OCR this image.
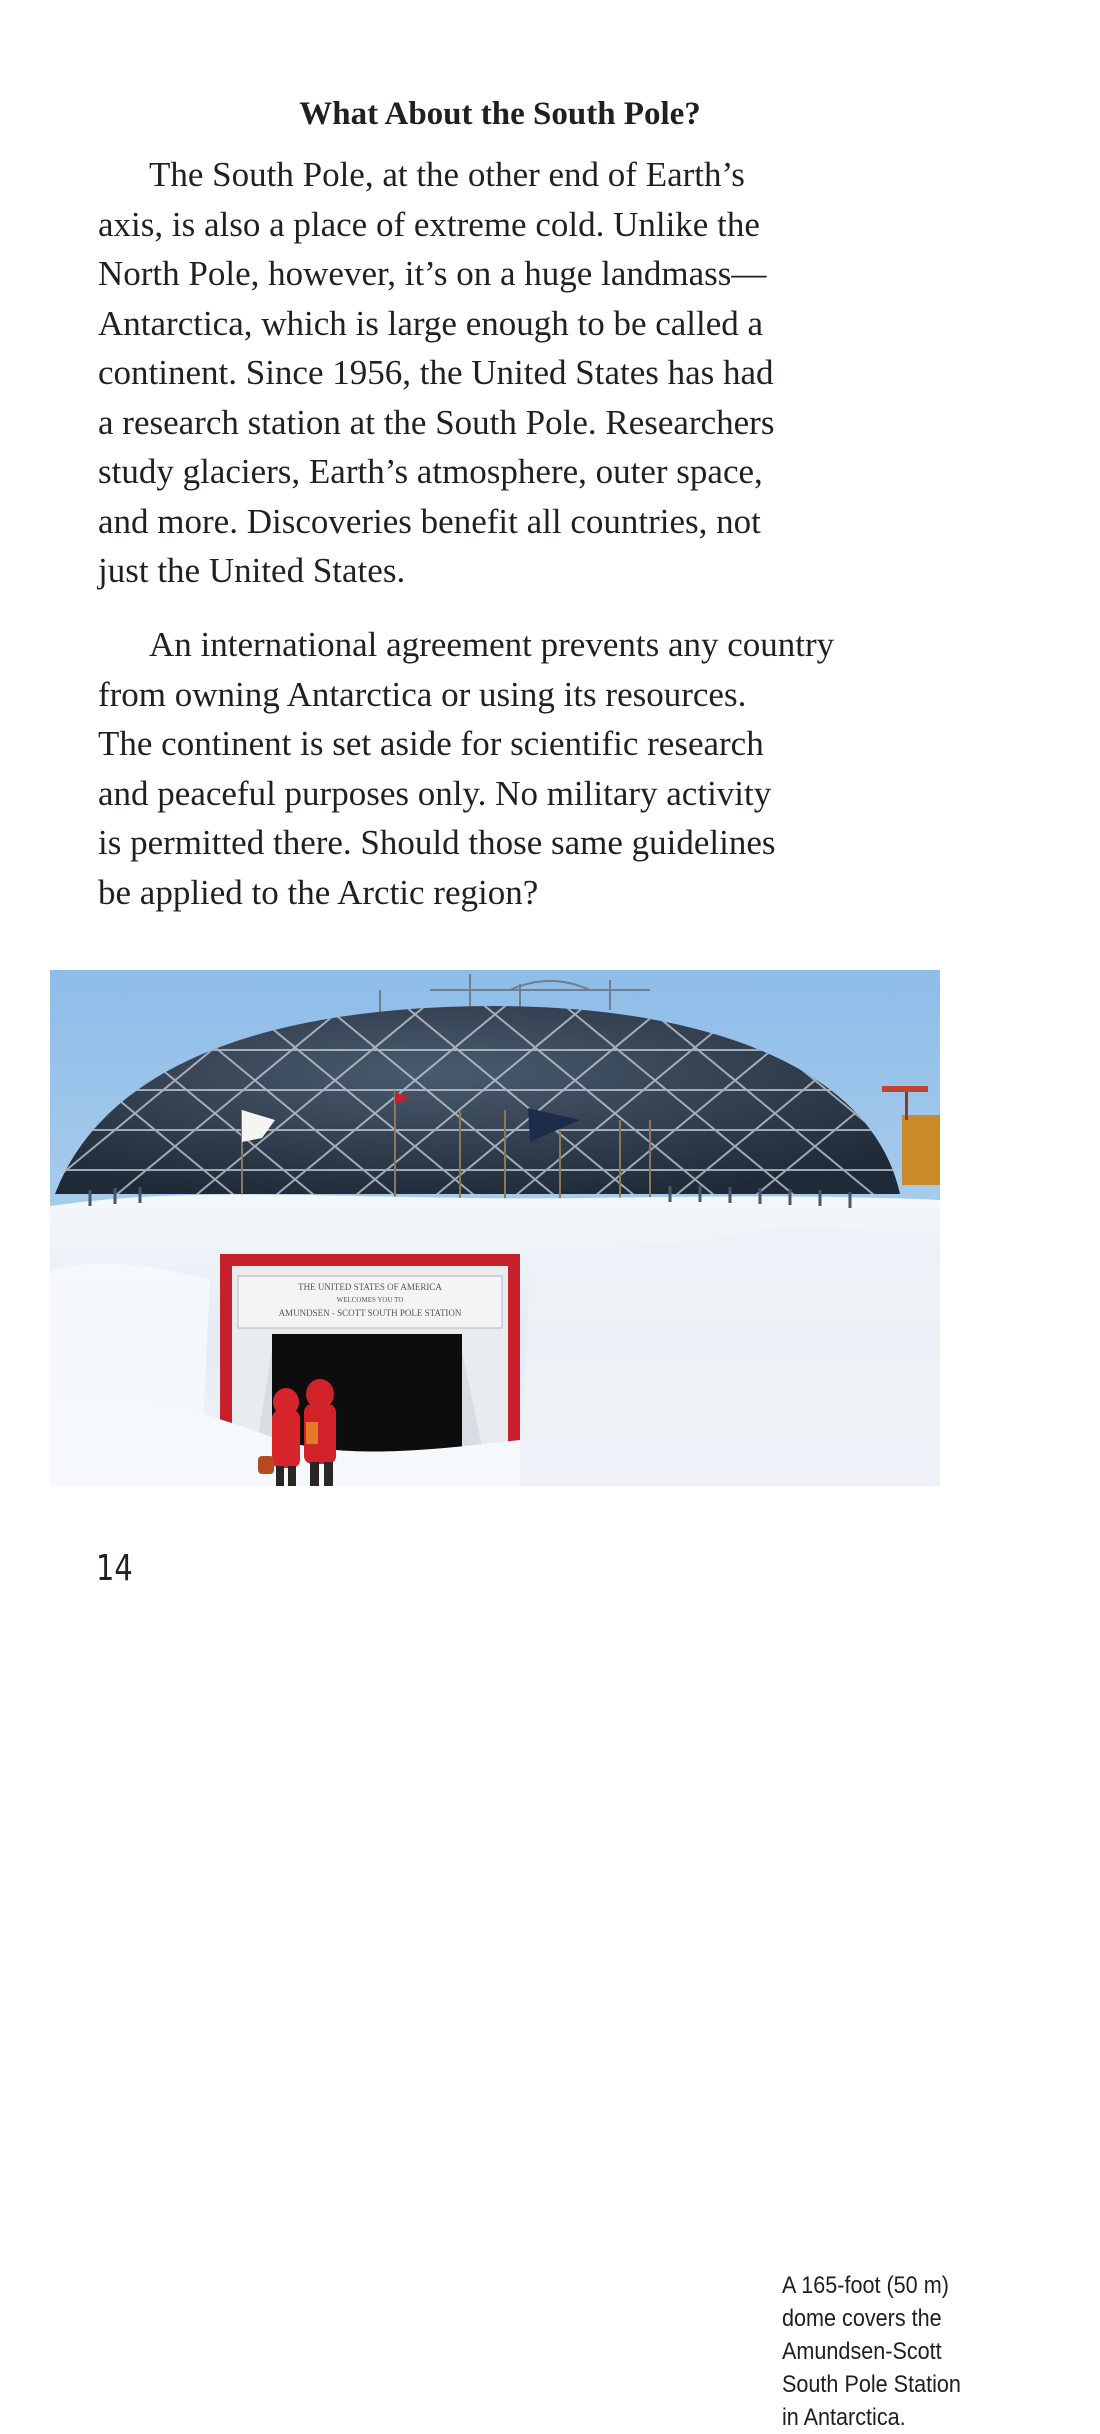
What About the South Pole?

The South Pole, at the other end of Earth’s
axis, is also a place of extreme cold. Unlike the
North Pole, however, it’s on a huge landmass—
Antarctica, which is large enough to be called a
continent. Since 1956, the United States has had
a research station at the South Pole. Researchers
study glaciers, Earth’s atmosphere, outer space,
and more. Discoveries benefit all countries, not
just the United States.

An international agreement prevents any country
from owning Antarctica or using its resources.
The continent is set aside for scientific research
and peaceful purposes only. No military activity
is permitted there. Should those same guidelines
be applied to the Arctic region?

THE UNITED STATES OF AMERICA
WELCOMES YOU TO
AMUNDSEN - SCOTT SOUTH POLE STATION
A 165-foot (50 m)
dome covers the
Amundsen-Scott
South Pole Station
in Antarctica.
14
